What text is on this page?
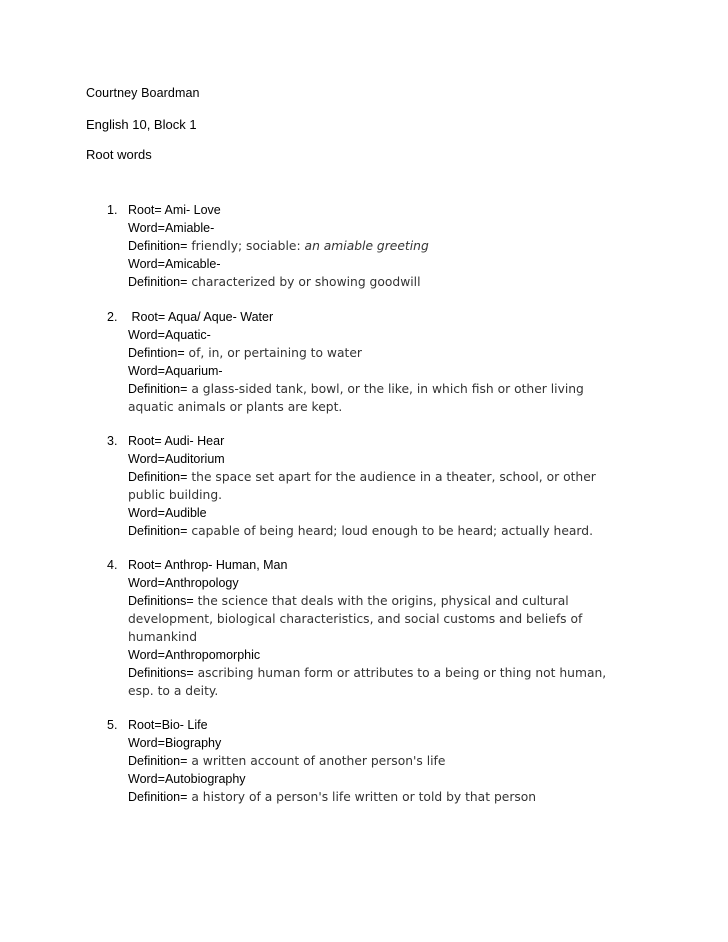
Courtney Boardman
English 10, Block 1
Root words
1. Root= Ami- Love
Word=Amiable-
Definition= friendly; sociable: an amiable greeting
Word=Amicable-
Definition= characterized by or showing goodwill
2. Root= Aqua/ Aque- Water
Word=Aquatic-
Defintion= of, in, or pertaining to water
Word=Aquarium-
Definition= a glass-sided tank, bowl, or the like, in which fish or other living
aquatic animals or plants are kept.
3. Root= Audi- Hear
Word=Auditorium
Definition= the space set apart for the audience in a theater, school, or other
public building.
Word=Audible
Definition= capable of being heard; loud enough to be heard; actually heard.
4. Root= Anthrop- Human, Man
Word=Anthropology
Definitions= the science that deals with the origins, physical and cultural
development, biological characteristics, and social customs and beliefs of
humankind
Word=Anthropomorphic
Definitions= ascribing human form or attributes to a being or thing not human,
esp. to a deity.
5. Root=Bio- Life
Word=Biography
Definition= a written account of another person's life
Word=Autobiography
Definition= a history of a person's life written or told by that person
